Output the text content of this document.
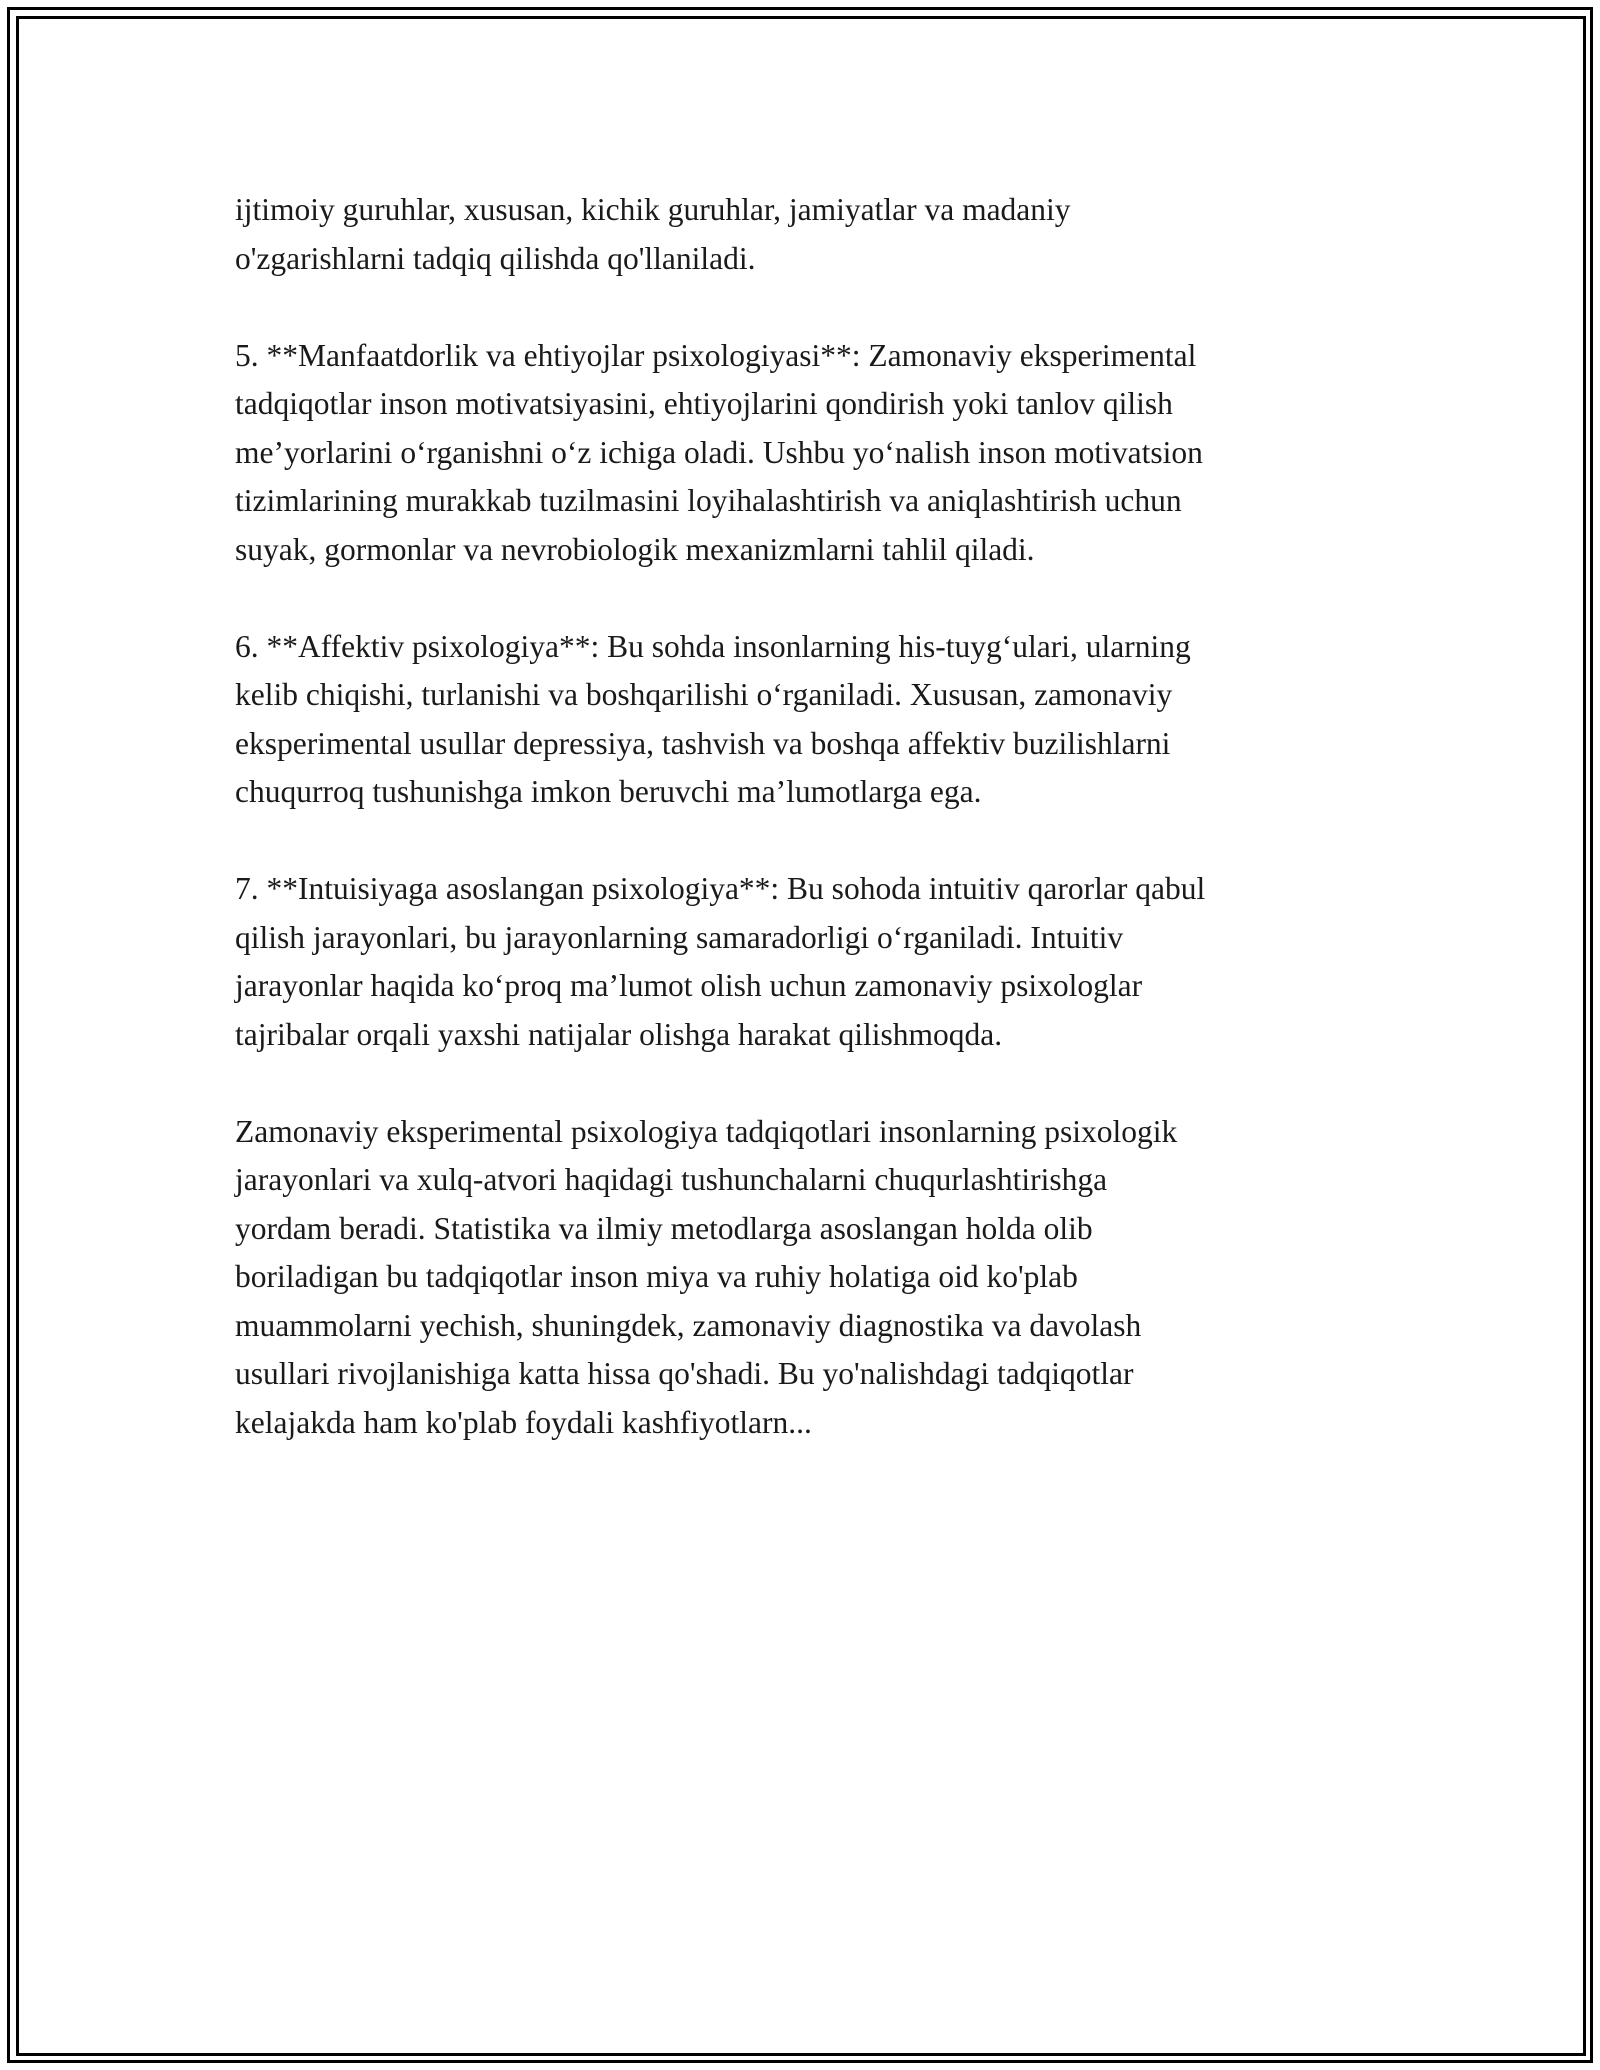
ijtimoiy guruhlar, xususan, kichik guruhlar, jamiyatlar va madaniy
o'zgarishlarni tadqiq qilishda qo'llaniladi.

5. **Manfaatdorlik va ehtiyojlar psixologiyasi**: Zamonaviy eksperimental
tadqiqotlar inson motivatsiyasini, ehtiyojlarini qondirish yoki tanlov qilish
me’yorlarini o‘rganishni o‘z ichiga oladi. Ushbu yo‘nalish inson motivatsion
tizimlarining murakkab tuzilmasini loyihalashtirish va aniqlashtirish uchun
suyak, gormonlar va nevrobiologik mexanizmlarni tahlil qiladi.

6. **Affektiv psixologiya**: Bu sohda insonlarning his-tuyg‘ulari, ularning
kelib chiqishi, turlanishi va boshqarilishi o‘rganiladi. Xususan, zamonaviy
eksperimental usullar depressiya, tashvish va boshqa affektiv buzilishlarni
chuqurroq tushunishga imkon beruvchi ma’lumotlarga ega.

7. **Intuisiyaga asoslangan psixologiya**: Bu sohoda intuitiv qarorlar qabul
qilish jarayonlari, bu jarayonlarning samaradorligi o‘rganiladi. Intuitiv
jarayonlar haqida ko‘proq ma’lumot olish uchun zamonaviy psixologlar
tajribalar orqali yaxshi natijalar olishga harakat qilishmoqda.

Zamonaviy eksperimental psixologiya tadqiqotlari insonlarning psixologik
jarayonlari va xulq-atvori haqidagi tushunchalarni chuqurlashtirishga
yordam beradi. Statistika va ilmiy metodlarga asoslangan holda olib
boriladigan bu tadqiqotlar inson miya va ruhiy holatiga oid ko'plab
muammolarni yechish, shuningdek, zamonaviy diagnostika va davolash
usullari rivojlanishiga katta hissa qo'shadi. Bu yo'nalishdagi tadqiqotlar
kelajakda ham ko'plab foydali kashfiyotlarn...
